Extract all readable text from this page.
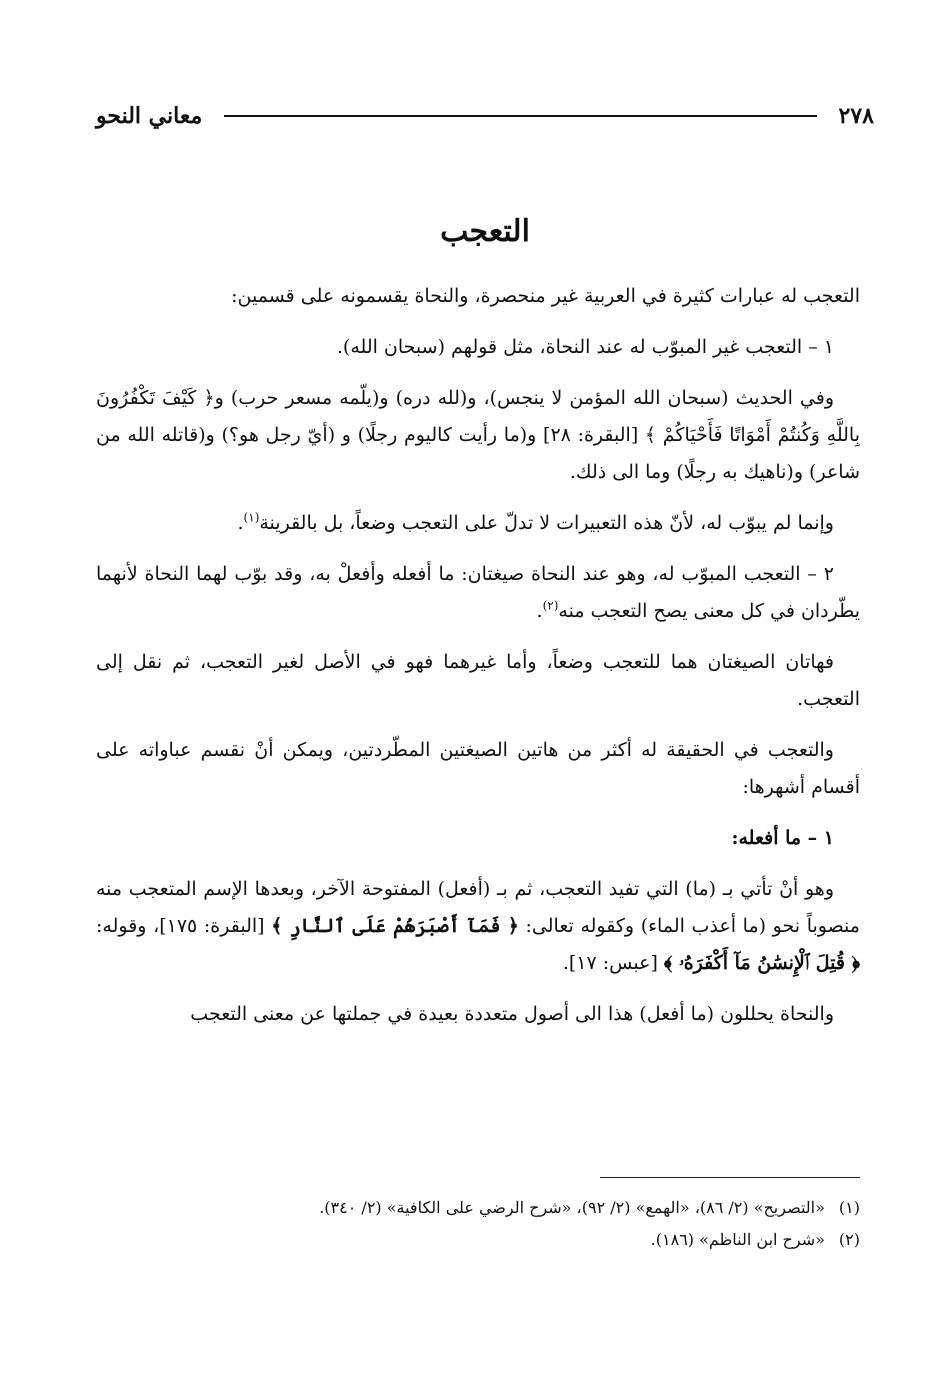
٢٧٨
معاني النحو
التعجب

التعجب له عبارات كثيرة في العربية غير منحصرة، والنحاة يقسمونه على قسمين:

١ – التعجب غير المبوّب له عند النحاة، مثل قولهم (سبحان الله).

وفي الحديث (سبحان الله المؤمن لا ينجس)، و(لله دره) و(يلّمه مسعر حرب) و﴿ كَيْفَ تَكْفُرُونَ بِاللَّهِ وَكُنتُمْ أَمْوَاتًا فَأَحْيَاكُمْ ﴾ [البقرة: ٢٨] و(ما رأيت كاليوم رجلًا) و (أيّ رجل هو؟) و(قاتله الله من شاعر) و(ناهيك به رجلًا) وما الى ذلك.

وإنما لم يبوّب له، لأنّ هذه التعبيرات لا تدلّ على التعجب وضعاً، بل بالقرينة$^{(١)}$.

٢ – التعجب المبوّب له، وهو عند النحاة صيغتان: ما أفعله وأفعلْ به، وقد بوّب لهما النحاة لأنهما يطّردان في كل معنى يصح التعجب منه$^{(٢)}$.

فهاتان الصيغتان هما للتعجب وضعاً، وأما غيرهما فهو في الأصل لغير التعجب، ثم نقل إلى التعجب.

والتعجب في الحقيقة له أكثر من هاتين الصيغتين المطّردتين، ويمكن أنْ نقسم عباواته على أقسام أشهرها:

١ – ما أفعله:

وهو أنْ تأتي بـ (ما) التي تفيد التعجب، ثم بـ (أفعل) المفتوحة الآخر، وبعدها الإسم المتعجب منه منصوباً نحو (ما أعذب الماء) وكقوله تعالى: ﴿ فَمَآ أَصْبَرَهُمْ عَلَى ٱلنَّارِ ﴾ [البقرة: ١٧٥]، وقوله: ﴿ قُتِلَ ٱلْإِنسَٰنُ مَآ أَكْفَرَهُۥ ﴾ [عبس: ١٧].

والنحاة يحللون (ما أفعل) هذا الى أصول متعددة بعيدة في جملتها عن معنى التعجب

(١)
«التصريح» (٢/ ٨٦)، «الهمع» (٢/ ٩٢)، «شرح الرضي على الكافية» (٢/ ٣٤٠).
(٢)
«شرح ابن الناظم» (١٨٦).
